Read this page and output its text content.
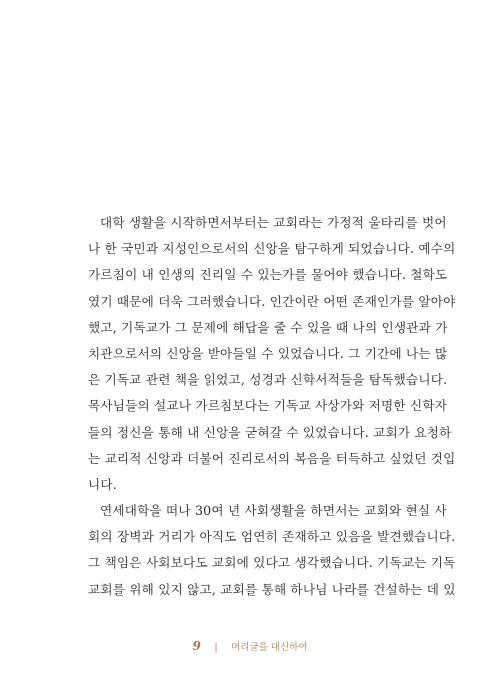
대학 생활을 시작하면서부터는 교회라는 가정적 울타리를 벗어
나 한 국민과 지성인으로서의 신앙을 탐구하게 되었습니다. 예수의
가르침이 내 인생의 진리일 수 있는가를 물어야 했습니다. 철학도
였기 때문에 더욱 그러했습니다. 인간이란 어떤 존재인가를 알아야
했고, 기독교가 그 문제에 해답을 줄 수 있을 때 나의 인생관과 가
치관으로서의 신앙을 받아들일 수 있었습니다. 그 기간에 나는 많
은 기독교 관련 책을 읽었고, 성경과 신학서적들을 탐독했습니다.
목사님들의 설교나 가르침보다는 기독교 사상가와 저명한 신학자
들의 정신을 통해 내 신앙을 굳혀갈 수 있었습니다. 교회가 요청하
는 교리적 신앙과 더불어 진리로서의 복음을 터득하고 싶었던 것입
니다.
연세대학을 떠나 30여 년 사회생활을 하면서는 교회와 현실 사
회의 장벽과 거리가 아직도 엄연히 존재하고 있음을 발견했습니다.
그 책임은 사회보다도 교회에 있다고 생각했습니다. 기독교는 기독
교회를 위해 있지 않고, 교회를 통해 하나님 나라를 건설하는 데 있
9 | 머리글을 대신하여
